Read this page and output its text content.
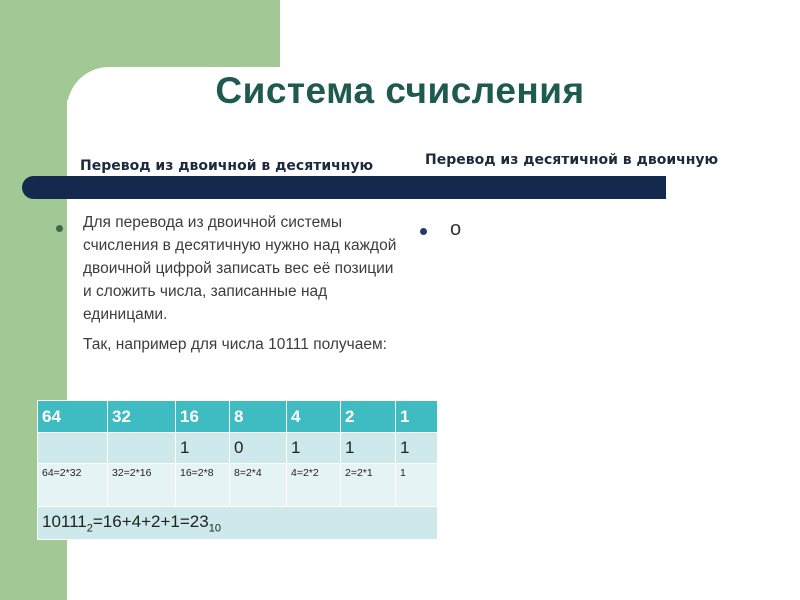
Система счисления
Перевод из двоичной в десятичную	Перевод из десятичной в двоичную
Для перевода из двоичной системы счисления в десятичную нужно над каждой двоичной цифрой записать вес её позиции и сложить числа, записанные над единицами.
Так, например для числа 10111 получаем:
о
64	32	16	8	4	2	1
		1	0	1	1	1
64=2*32	32=2*16	16=2*8	8=2*4	4=2*2	2=2*1	1
$10111_2=16+4+2+1=23_{10}$
